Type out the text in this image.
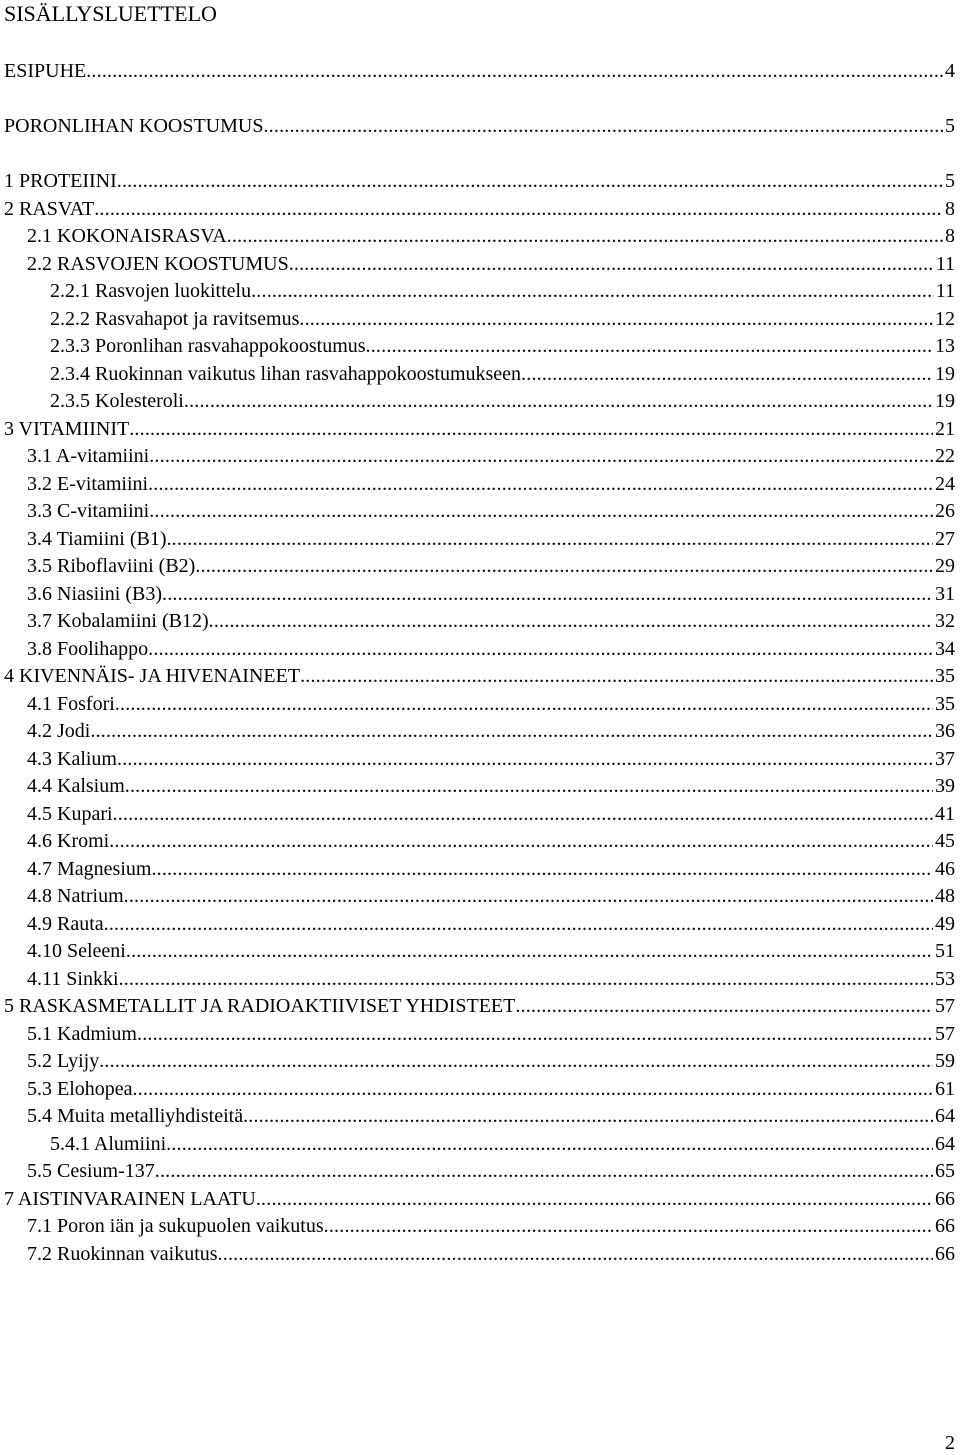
SISÄLLYSLUETTELO
ESIPUHE . . .	4
PORONLIHAN KOOSTUMUS . . .	5
1 PROTEIINI . . .	5
2 RASVAT . . .	8
2.1 KOKONAISRASVA . . .	8
2.2 RASVOJEN KOOSTUMUS . . .	11
2.2.1 Rasvojen luokittelu . . .	11
2.2.2 Rasvahapot ja ravitsemus . . .	12
2.3.3 Poronlihan rasvahappokoostumus . . .	13
2.3.4 Ruokinnan vaikutus lihan rasvahappokoostumukseen . . .	19
2.3.5 Kolesteroli . . .	19
3 VITAMIINIT . . .	21
3.1 A-vitamiini . . .	22
3.2 E-vitamiini . . .	24
3.3 C-vitamiini . . .	26
3.4 Tiamiini (B1) . . .	27
3.5 Riboflaviini (B2) . . .	29
3.6 Niasiini (B3) . . .	31
3.7 Kobalamiini (B12) . . .	32
3.8 Foolihappo . . .	34
4 KIVENNÄIS- JA HIVENAINEET . . .	35
4.1 Fosfori . . .	35
4.2 Jodi . . .	36
4.3 Kalium . . .	37
4.4 Kalsium . . .	39
4.5 Kupari . . .	41
4.6 Kromi . . .	45
4.7 Magnesium . . .	46
4.8 Natrium . . .	48
4.9 Rauta . . .	49
4.10 Seleeni . . .	51
4.11 Sinkki . . .	53
5 RASKASMETALLIT JA RADIOAKTIIVISET YHDISTEET . . .	57
5.1 Kadmium . . .	57
5.2 Lyijy . . .	59
5.3 Elohopea . . .	61
5.4 Muita metalliyhdisteitä . . .	64
5.4.1 Alumiini . . .	64
5.5 Cesium-137 . . .	65
7 AISTINVARAINEN LAATU . . .	66
7.1 Poron iän ja sukupuolen vaikutus . . .	66
7.2 Ruokinnan vaikutus . . .	66
2
